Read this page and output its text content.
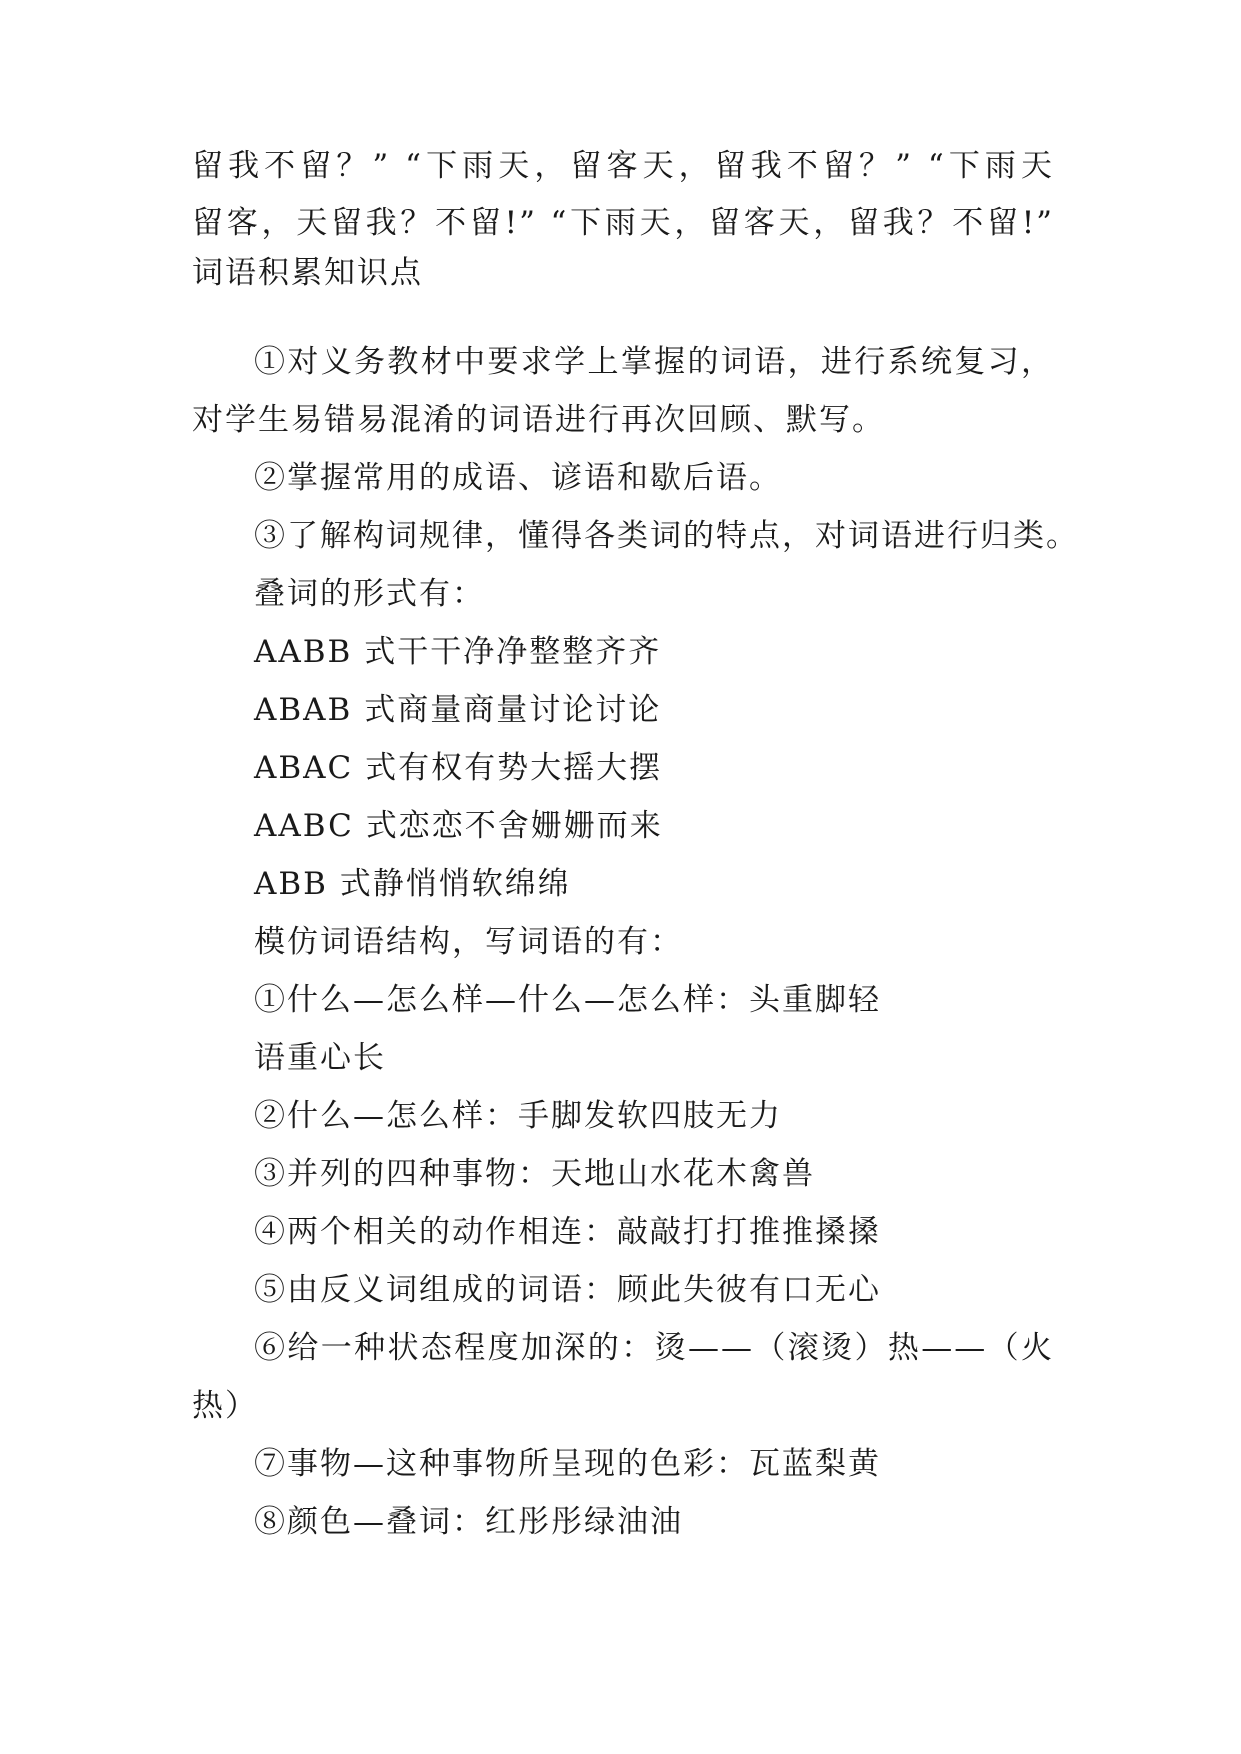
留我不留？” “下雨天，留客天，留我不留？” “下雨天
留客，天留我？不留!” “下雨天，留客天，留我？不留!”
词语积累知识点
①对义务教材中要求学上掌握的词语，进行系统复习，
对学生易错易混淆的词语进行再次回顾、默写。
②掌握常用的成语、谚语和歇后语。
③了解构词规律，懂得各类词的特点，对词语进行归类。
叠词的形式有：
AABB 式干干净净整整齐齐
ABAB 式商量商量讨论讨论
ABAC 式有权有势大摇大摆
AABC 式恋恋不舍姗姗而来
ABB 式静悄悄软绵绵
模仿词语结构，写词语的有：
①什么—怎么样—什么—怎么样：头重脚轻
语重心长
②什么—怎么样：手脚发软四肢无力
③并列的四种事物：天地山水花木禽兽
④两个相关的动作相连：敲敲打打推推搡搡
⑤由反义词组成的词语：顾此失彼有口无心
⑥给一种状态程度加深的：烫——（滚烫）热——（火
热）
⑦事物—这种事物所呈现的色彩：瓦蓝梨黄
⑧颜色—叠词：红彤彤绿油油
